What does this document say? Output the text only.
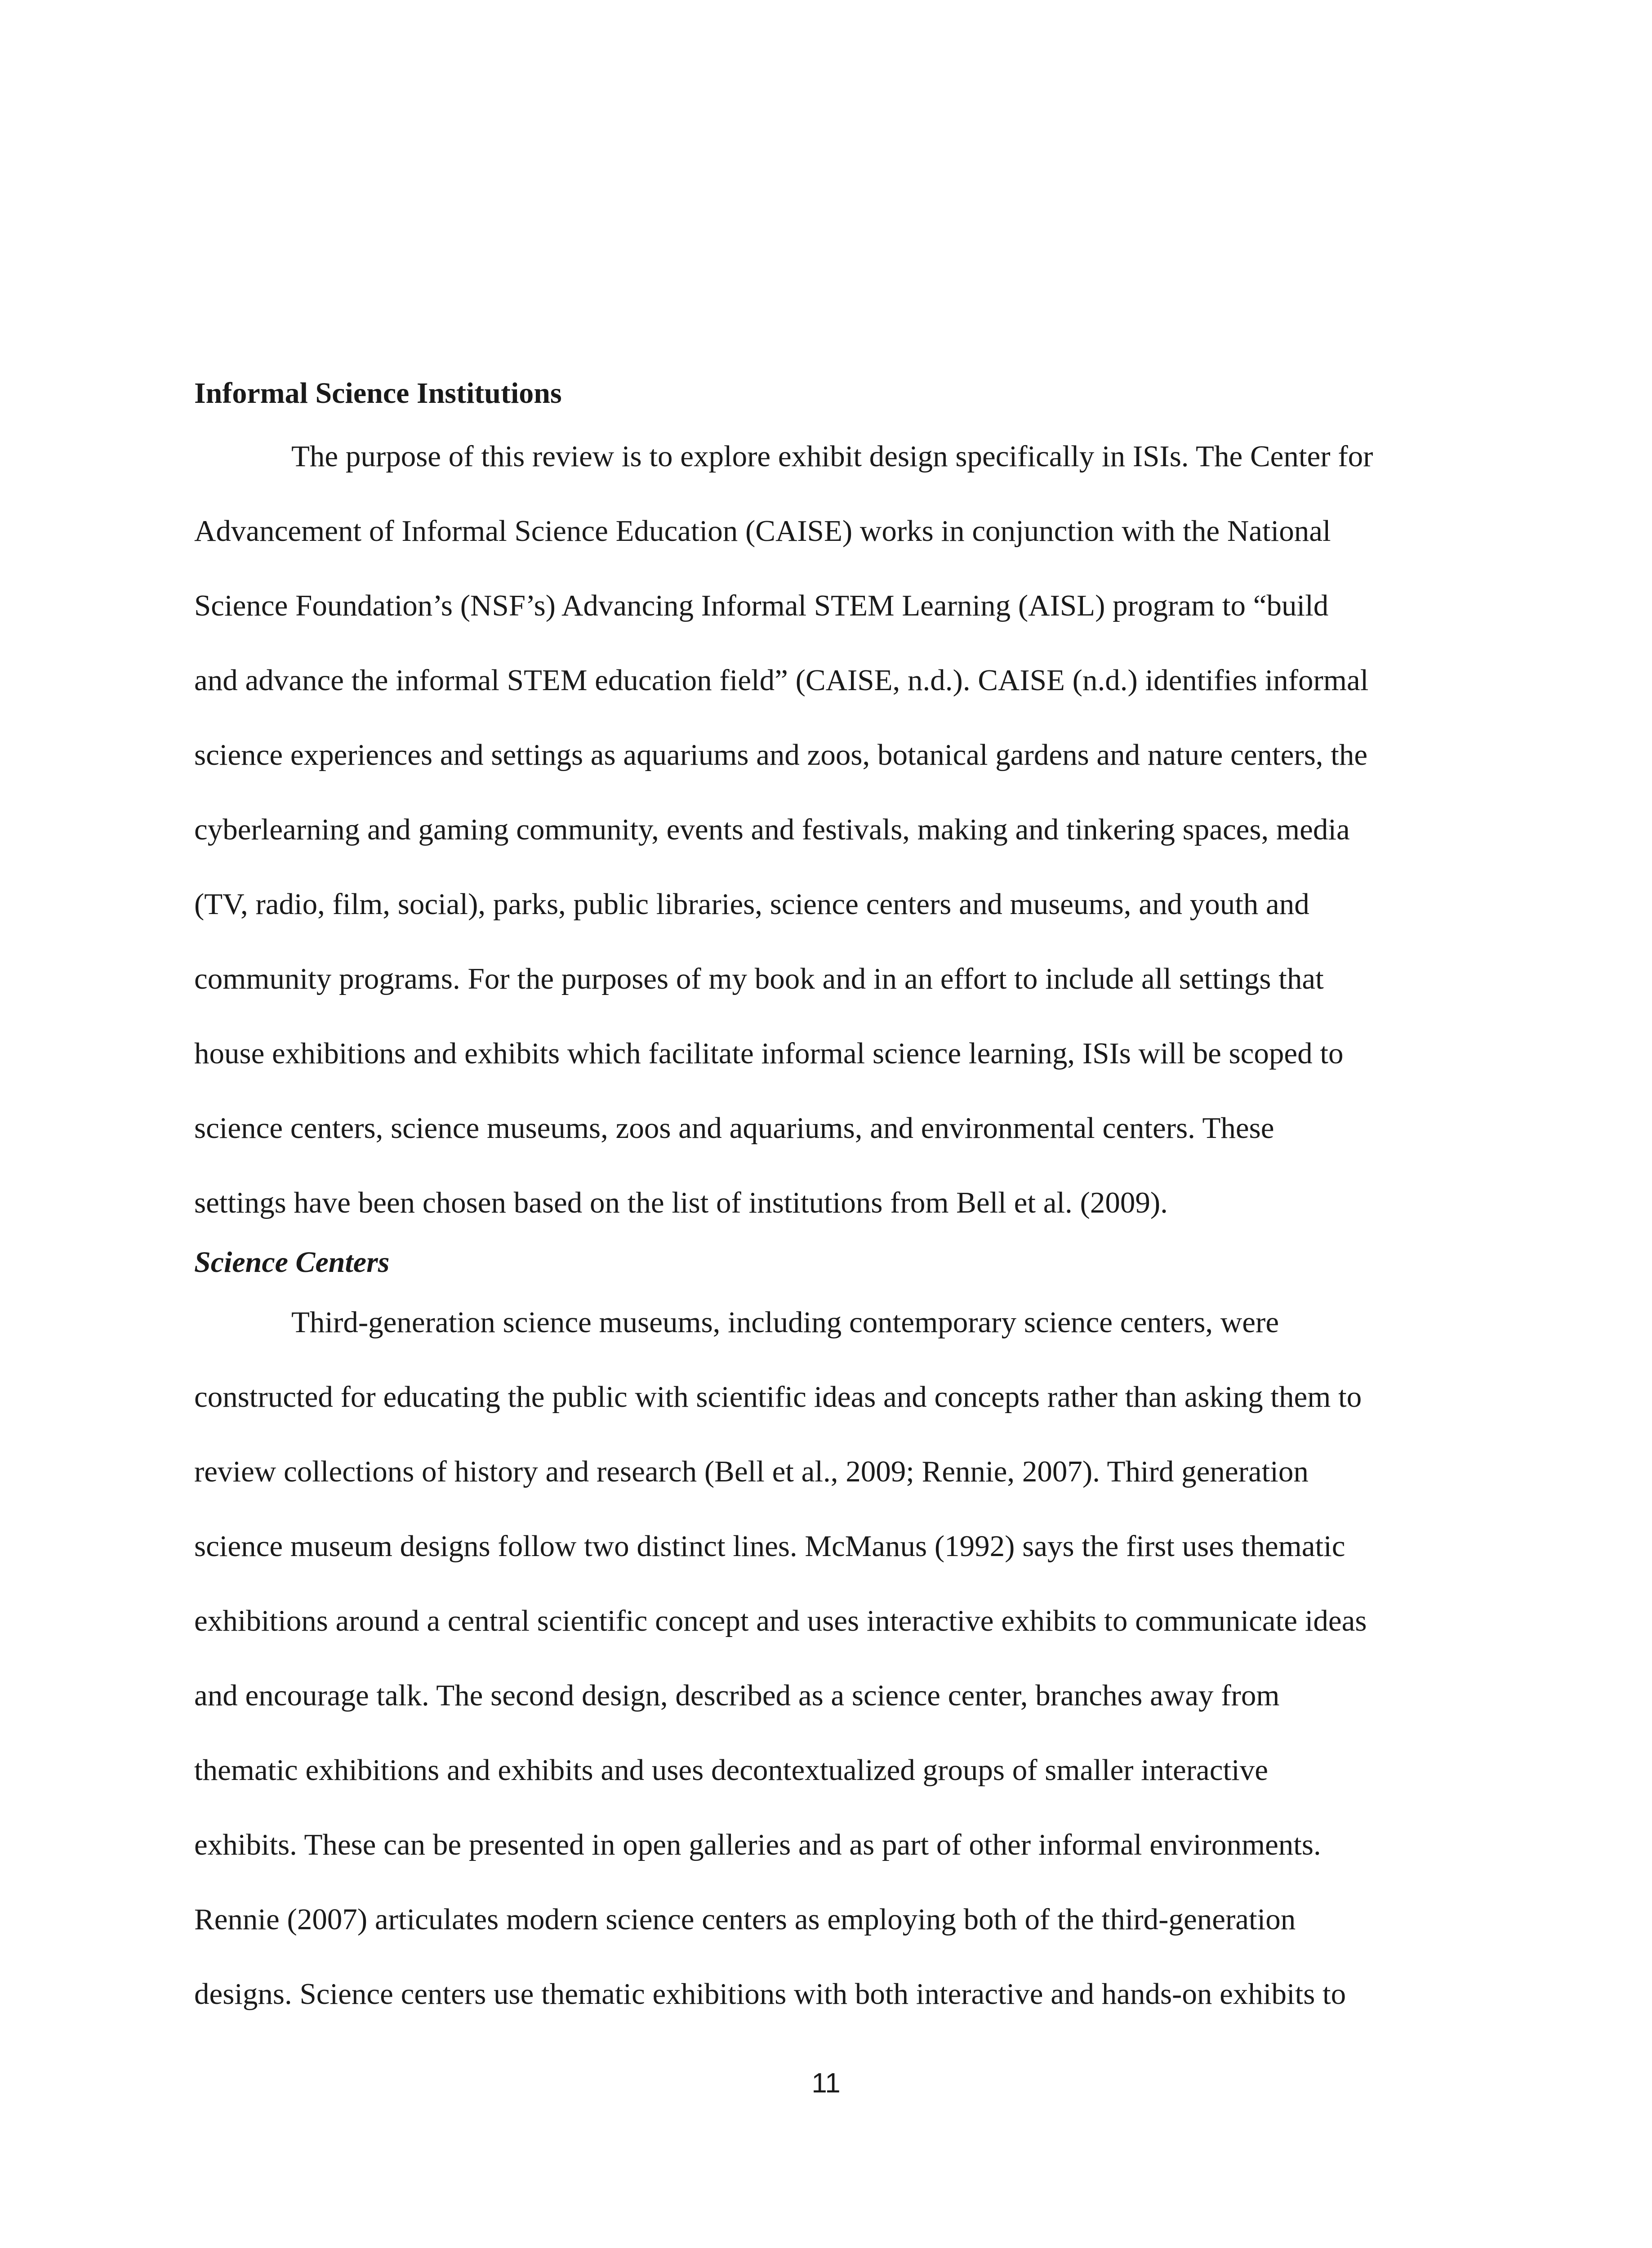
Informal Science Institutions
The purpose of this review is to explore exhibit design specifically in ISIs. The Center for
Advancement of Informal Science Education (CAISE) works in conjunction with the National
Science Foundation’s (NSF’s) Advancing Informal STEM Learning (AISL) program to “build
and advance the informal STEM education field” (CAISE, n.d.). CAISE (n.d.) identifies informal
science experiences and settings as aquariums and zoos, botanical gardens and nature centers, the
cyberlearning and gaming community, events and festivals, making and tinkering spaces, media
(TV, radio, film, social), parks, public libraries, science centers and museums, and youth and
community programs. For the purposes of my book and in an effort to include all settings that
house exhibitions and exhibits which facilitate informal science learning, ISIs will be scoped to
science centers, science museums, zoos and aquariums, and environmental centers. These
settings have been chosen based on the list of institutions from Bell et al. (2009).
Science Centers
Third-generation science museums, including contemporary science centers, were
constructed for educating the public with scientific ideas and concepts rather than asking them to
review collections of history and research (Bell et al., 2009; Rennie, 2007). Third generation
science museum designs follow two distinct lines. McManus (1992) says the first uses thematic
exhibitions around a central scientific concept and uses interactive exhibits to communicate ideas
and encourage talk. The second design, described as a science center, branches away from
thematic exhibitions and exhibits and uses decontextualized groups of smaller interactive
exhibits. These can be presented in open galleries and as part of other informal environments.
Rennie (2007) articulates modern science centers as employing both of the third-generation
designs. Science centers use thematic exhibitions with both interactive and hands-on exhibits to
11
